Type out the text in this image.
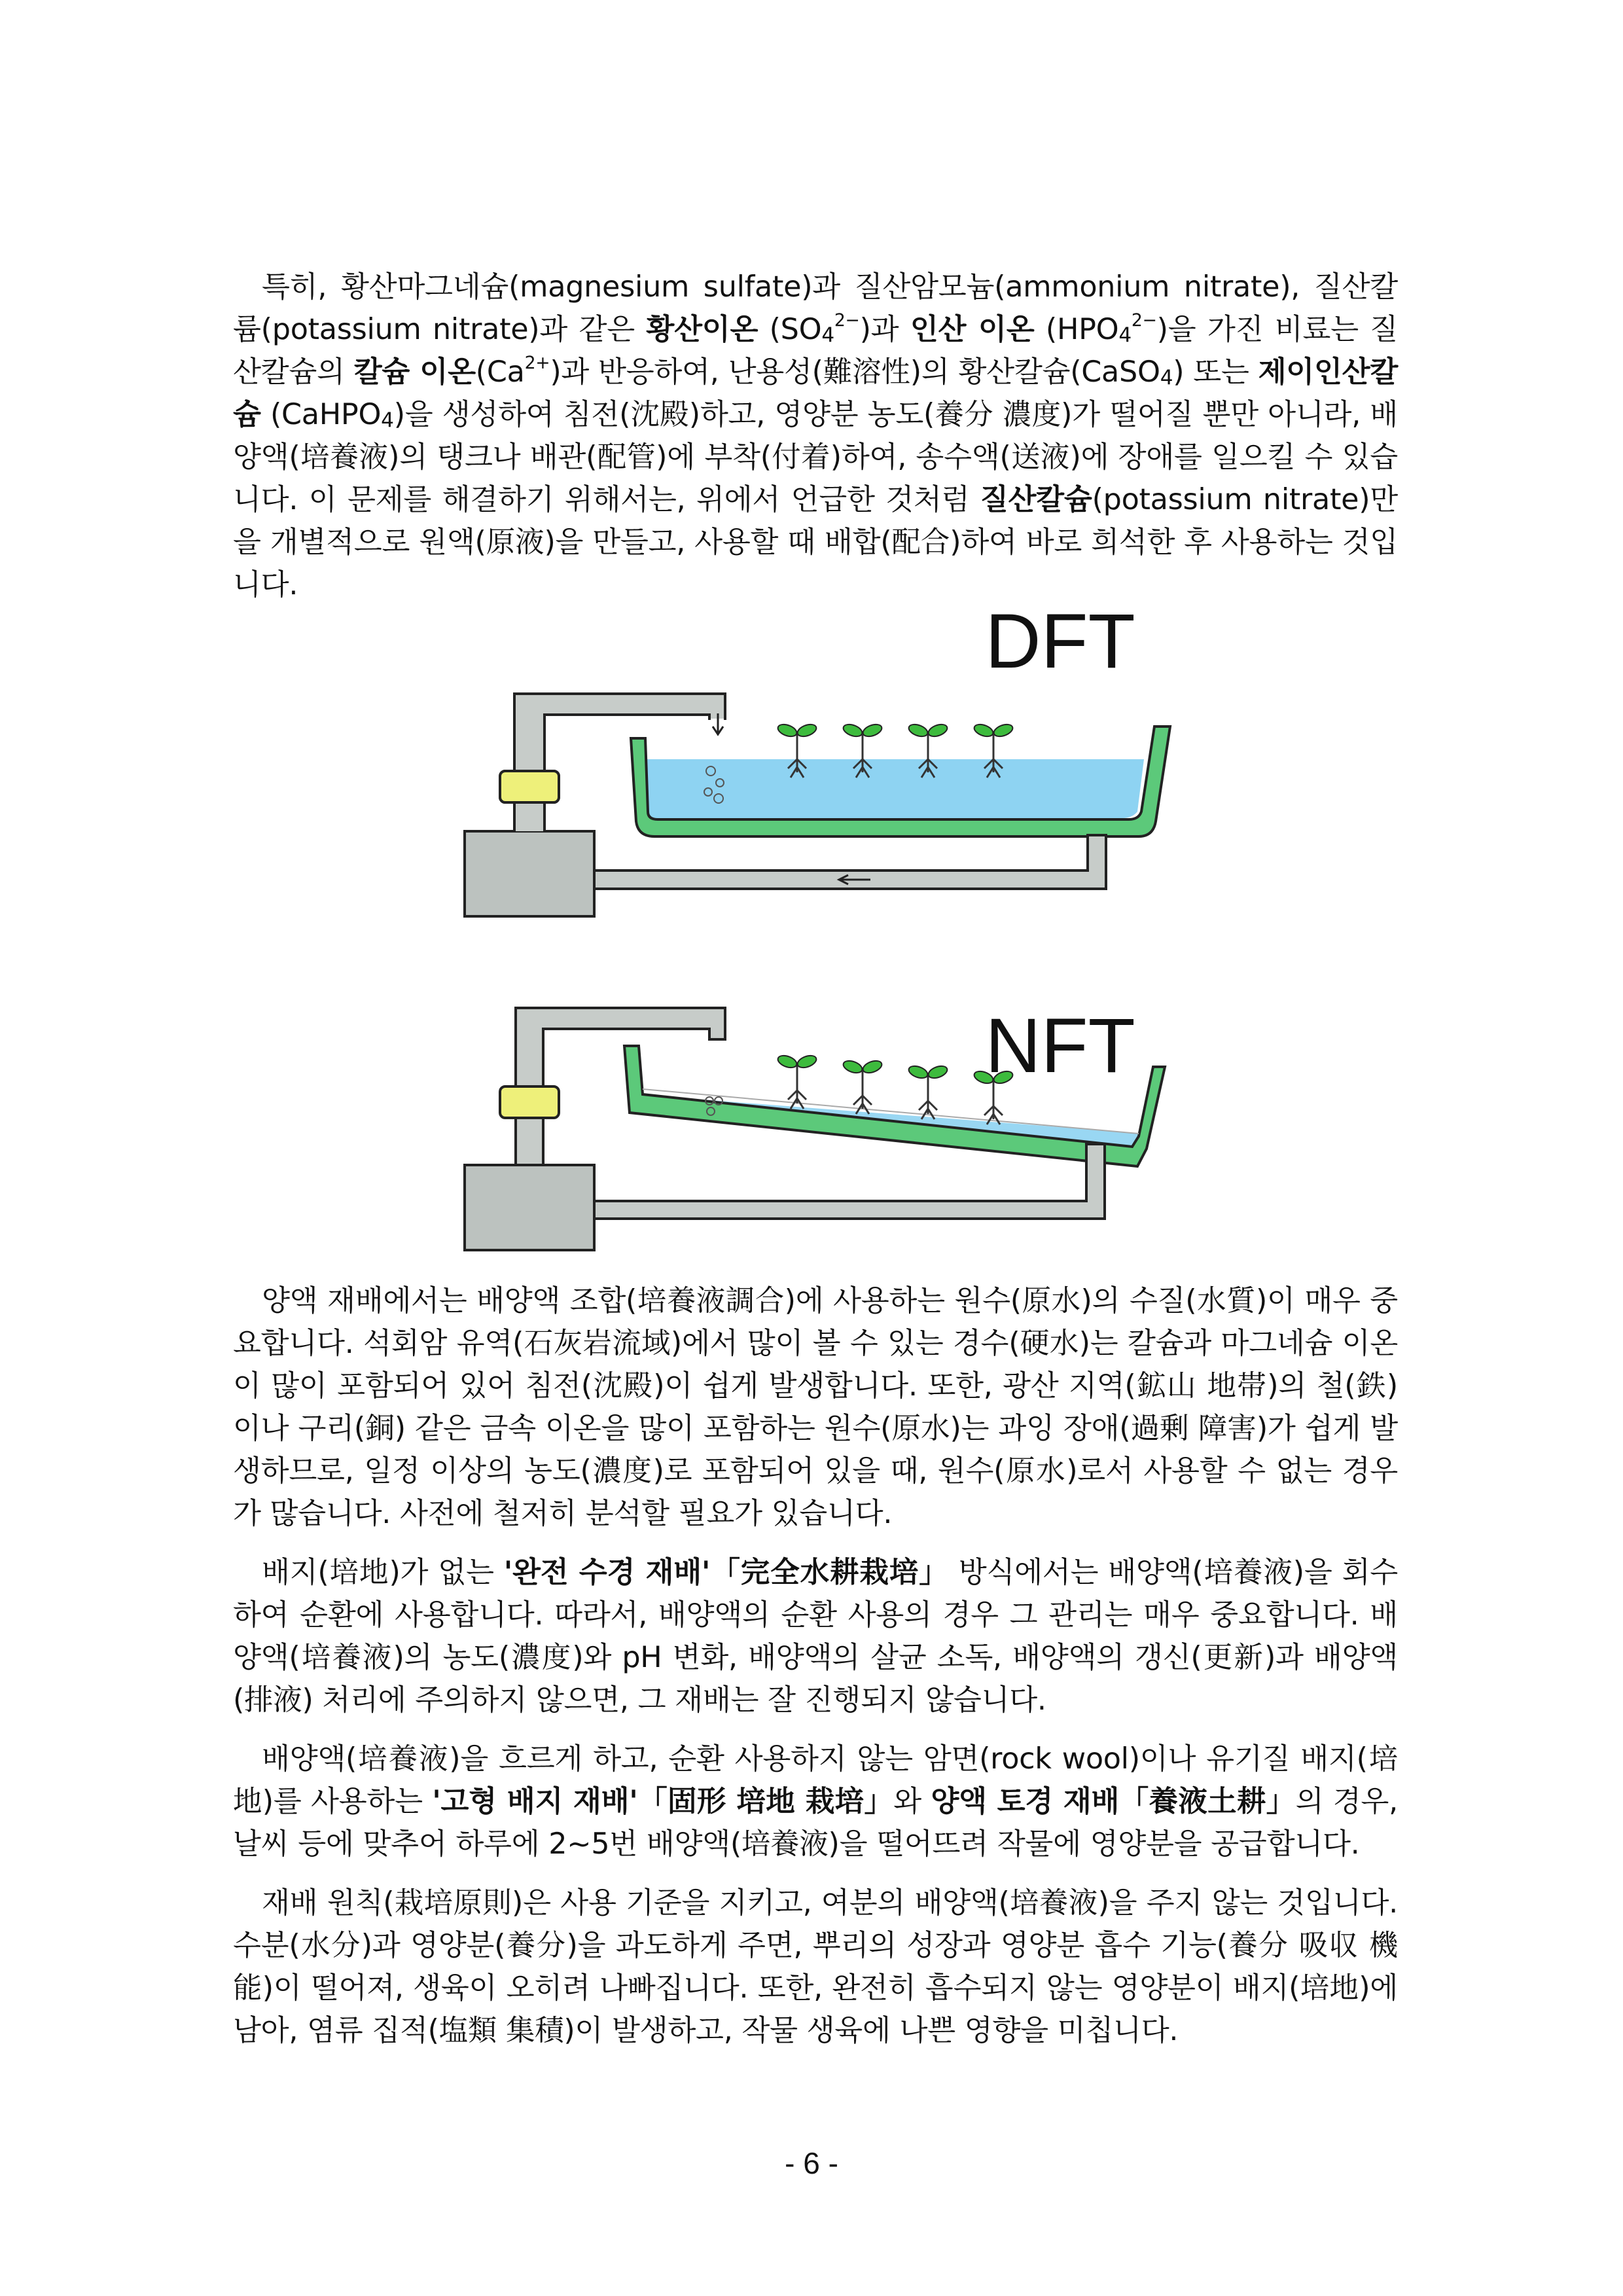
특히, 황산마그네슘(magnesium sulfate)과 질산암모늄(ammonium nitrate), 질산칼륨(potassium nitrate)과 같은 황산이온 $(SO_4^{2-})$과 인산 이온 $(HPO_4^{2-})$을 가진 비료는 질산칼슘의 칼슘 이온$(Ca^{2+})$과 반응하여, 난용성(難溶性)의 황산칼슘(CaSO$_4$) 또는 제이인산칼슘 (CaHPO$_4$)을 생성하여 침전(沈殿)하고, 영양분 농도(養分 濃度)가 떨어질 뿐만 아니라, 배양액(培養液)의 탱크나 배관(配管)에 부착(付着)하여, 송수액(送液)에 장애를 일으킬 수 있습니다. 이 문제를 해결하기 위해서는, 위에서 언급한 것처럼 질산칼슘(potassium nitrate)만을 개별적으로 원액(原液)을 만들고, 사용할 때 배합(配合)하여 바로 희석한 후 사용하는 것입니다.

DFT
NFT

양액 재배에서는 배양액 조합(培養液調合)에 사용하는 원수(原水)의 수질(水質)이 매우 중요합니다. 석회암 유역(石灰岩流域)에서 많이 볼 수 있는 경수(硬水)는 칼슘과 마그네슘 이온이 많이 포함되어 있어 침전(沈殿)이 쉽게 발생합니다. 또한, 광산 지역(鉱山 地帯)의 철(鉄)이나 구리(銅) 같은 금속 이온을 많이 포함하는 원수(原水)는 과잉 장애(過剰 障害)가 쉽게 발생하므로, 일정 이상의 농도(濃度)로 포함되어 있을 때, 원수(原水)로서 사용할 수 없는 경우가 많습니다. 사전에 철저히 분석할 필요가 있습니다.

배지(培地)가 없는 '완전 수경 재배'「完全水耕栽培」 방식에서는 배양액(培養液)을 회수하여 순환에 사용합니다. 따라서, 배양액의 순환 사용의 경우 그 관리는 매우 중요합니다. 배양액(培養液)의 농도(濃度)와 pH 변화, 배양액의 살균 소독, 배양액의 갱신(更新)과 배양액(排液) 처리에 주의하지 않으면, 그 재배는 잘 진행되지 않습니다.

배양액(培養液)을 흐르게 하고, 순환 사용하지 않는 암면(rock wool)이나 유기질 배지(培地)를 사용하는 '고형 배지 재배'「固形 培地 栽培」와 양액 토경 재배「養液土耕」의 경우, 날씨 등에 맞추어 하루에 2~5번 배양액(培養液)을 떨어뜨려 작물에 영양분을 공급합니다.

재배 원칙(栽培原則)은 사용 기준을 지키고, 여분의 배양액(培養液)을 주지 않는 것입니다. 수분(水分)과 영양분(養分)을 과도하게 주면, 뿌리의 성장과 영양분 흡수 기능(養分 吸収 機能)이 떨어져, 생육이 오히려 나빠집니다. 또한, 완전히 흡수되지 않는 영양분이 배지(培地)에 남아, 염류 집적(塩類 集積)이 발생하고, 작물 생육에 나쁜 영향을 미칩니다.

- 6 -
